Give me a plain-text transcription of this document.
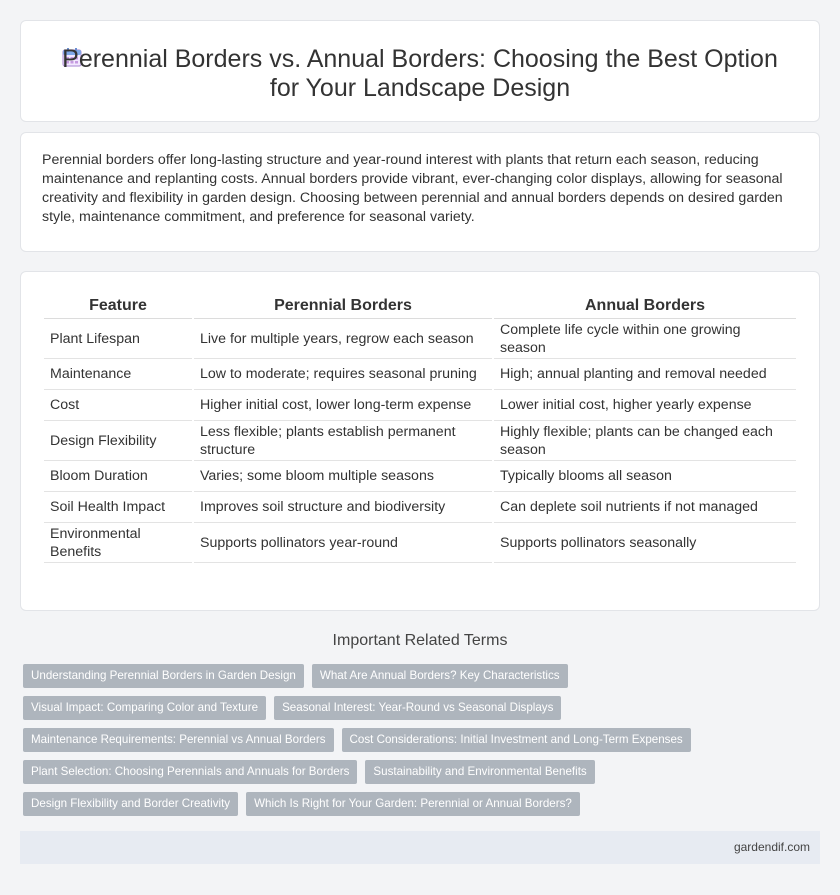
Perennial Borders vs. Annual Borders: Choosing the Best Option
for Your Landscape Design

Perennial borders offer long-lasting structure and year-round interest with plants that return each season, reducing maintenance and replanting costs. Annual borders provide vibrant, ever-changing color displays, allowing for seasonal creativity and flexibility in garden design. Choosing between perennial and annual borders depends on desired garden style, maintenance commitment, and preference for seasonal variety.

Feature	Perennial Borders	Annual Borders
Plant Lifespan	Live for multiple years, regrow each season	Complete life cycle within one growing season
Maintenance	Low to moderate; requires seasonal pruning	High; annual planting and removal needed
Cost	Higher initial cost, lower long-term expense	Lower initial cost, higher yearly expense
Design Flexibility	Less flexible; plants establish permanent structure	Highly flexible; plants can be changed each season
Bloom Duration	Varies; some bloom multiple seasons	Typically blooms all season
Soil Health Impact	Improves soil structure and biodiversity	Can deplete soil nutrients if not managed
Environmental Benefits	Supports pollinators year-round	Supports pollinators seasonally
Important Related Terms
Understanding Perennial Borders in Garden Design	What Are Annual Borders? Key Characteristics
Visual Impact: Comparing Color and Texture	Seasonal Interest: Year-Round vs Seasonal Displays
Maintenance Requirements: Perennial vs Annual Borders	Cost Considerations: Initial Investment and Long-Term Expenses
Plant Selection: Choosing Perennials and Annuals for Borders	Sustainability and Environmental Benefits
Design Flexibility and Border Creativity	Which Is Right for Your Garden: Perennial or Annual Borders?
gardendif.com
